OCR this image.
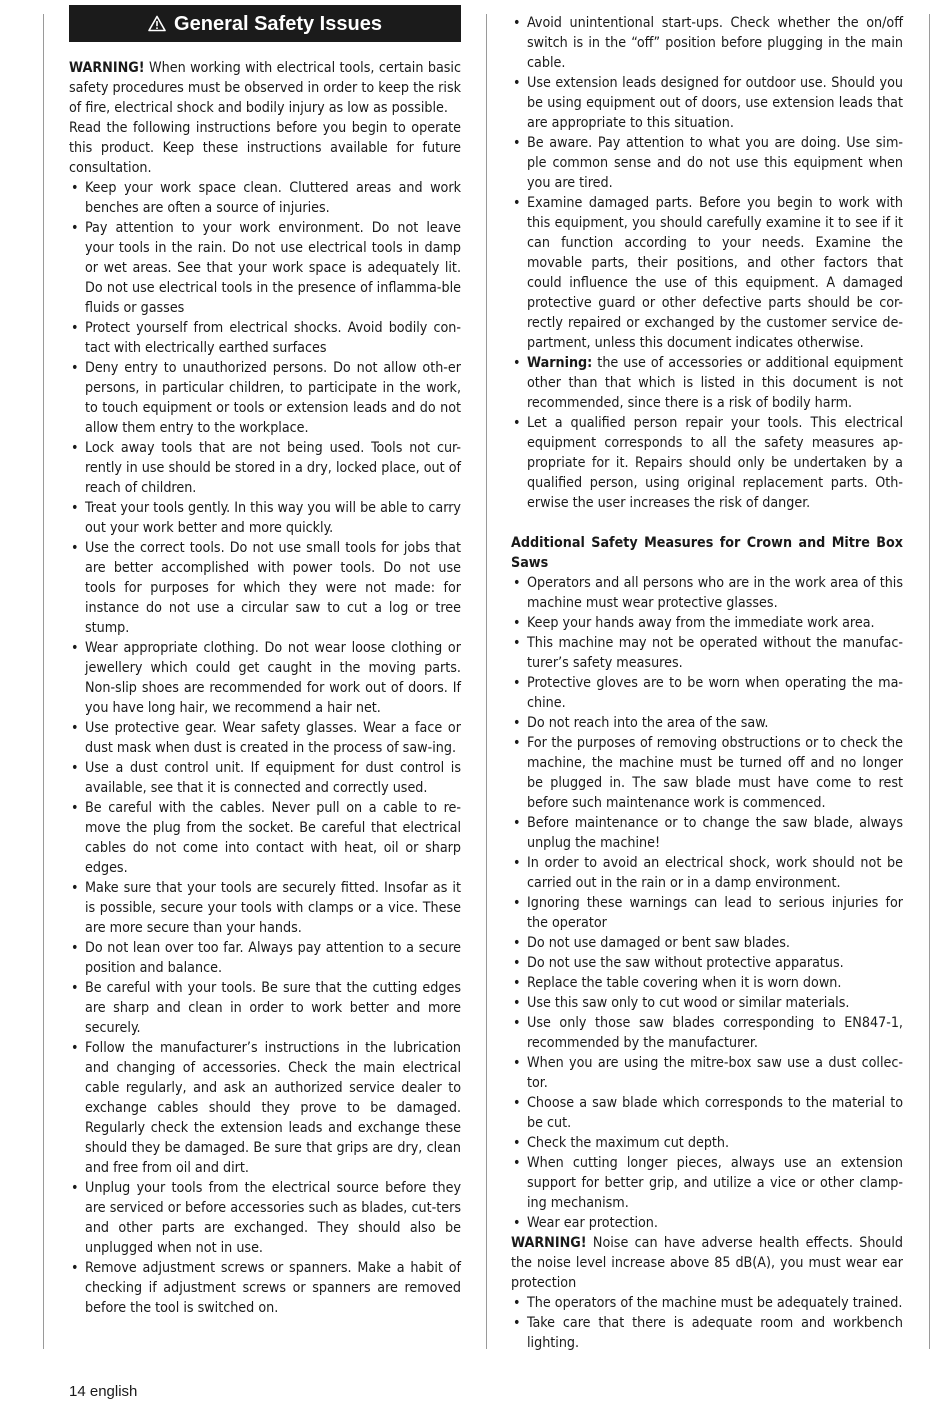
General Safety Issues

WARNING! When working with electrical tools, certain basic safety procedures must be observed in order to keep the risk of fire, electrical shock and bodily injury as low as possible.

Read the following instructions before you begin to operate this product. Keep these instructions available for future consultation.

• Keep your work space clean. Cluttered areas and work benches are often a source of injuries.
• Pay attention to your work environment. Do not leave your tools in the rain. Do not use electrical tools in damp or wet areas. See that your work space is adequately lit. Do not use electrical tools in the presence of inflamma-ble fluids or gasses
• Protect yourself from electrical shocks. Avoid bodily con-tact with electrically earthed surfaces
• Deny entry to unauthorized persons. Do not allow oth-er persons, in particular children, to participate in the work, to touch equipment or tools or extension leads and do not allow them entry to the workplace.
• Lock away tools that are not being used. Tools not cur-rently in use should be stored in a dry, locked place, out of reach of children.
• Treat your tools gently. In this way you will be able to carry out your work better and more quickly.
• Use the correct tools. Do not use small tools for jobs that are better accomplished with power tools. Do not use tools for purposes for which they were not made: for instance do not use a circular saw to cut a log or tree stump.
• Wear appropriate clothing. Do not wear loose clothing or jewellery which could get caught in the moving parts. Non-slip shoes are recommended for work out of doors. If you have long hair, we recommend a hair net.
• Use protective gear. Wear safety glasses. Wear a face or dust mask when dust is created in the process of saw-ing.
• Use a dust control unit. If equipment for dust control is available, see that it is connected and correctly used.
• Be careful with the cables. Never pull on a cable to re-move the plug from the socket. Be careful that electrical cables do not come into contact with heat, oil or sharp edges.
• Make sure that your tools are securely fitted. Insofar as it is possible, secure your tools with clamps or a vice. These are more secure than your hands.
• Do not lean over too far. Always pay attention to a secure position and balance.
• Be careful with your tools. Be sure that the cutting edges are sharp and clean in order to work better and more securely.
• Follow the manufacturer’s instructions in the lubrication and changing of accessories. Check the main electrical cable regularly, and ask an authorized service dealer to exchange cables should they prove to be damaged. Regularly check the extension leads and exchange these should they be damaged. Be sure that grips are dry, clean and free from oil and dirt.
• Unplug your tools from the electrical source before they are serviced or before accessories such as blades, cut-ters and other parts are exchanged. They should also be unplugged when not in use.
• Remove adjustment screws or spanners. Make a habit of checking if adjustment screws or spanners are removed before the tool is switched on.
• Avoid unintentional start-ups. Check whether the on/off switch is in the “off” position before plugging in the main cable.
• Use extension leads designed for outdoor use. Should you be using equipment out of doors, use extension leads that are appropriate to this situation.
• Be aware. Pay attention to what you are doing. Use sim-ple common sense and do not use this equipment when you are tired.
• Examine damaged parts. Before you begin to work with this equipment, you should carefully examine it to see if it can function according to your needs. Examine the movable parts, their positions, and other factors that could influence the use of this equipment. A damaged protective guard or other defective parts should be cor-rectly repaired or exchanged by the customer service de-partment, unless this document indicates otherwise.
• Warning: the use of accessories or additional equipment other than that which is listed in this document is not recommended, since there is a risk of bodily harm.
• Let a qualified person repair your tools. This electrical equipment corresponds to all the safety measures ap-propriate for it. Repairs should only be undertaken by a qualified person, using original replacement parts. Oth-erwise the user increases the risk of danger.

Additional Safety Measures for Crown and Mitre Box Saws

• Operators and all persons who are in the work area of this machine must wear protective glasses.
• Keep your hands away from the immediate work area.
• This machine may not be operated without the manufac-turer’s safety measures.
• Protective gloves are to be worn when operating the ma-chine.
• Do not reach into the area of the saw.
• For the purposes of removing obstructions or to check the machine, the machine must be turned off and no longer be plugged in. The saw blade must have come to rest before such maintenance work is commenced.
• Before maintenance or to change the saw blade, always unplug the machine!
• In order to avoid an electrical shock, work should not be carried out in the rain or in a damp environment.
• Ignoring these warnings can lead to serious injuries for the operator
• Do not use damaged or bent saw blades.
• Do not use the saw without protective apparatus.
• Replace the table covering when it is worn down.
• Use this saw only to cut wood or similar materials.
• Use only those saw blades corresponding to EN847-1, recommended by the manufacturer.
• When you are using the mitre-box saw use a dust collec-tor.
• Choose a saw blade which corresponds to the material to be cut.
• Check the maximum cut depth.
• When cutting longer pieces, always use an extension support for better grip, and utilize a vice or other clamp-ing mechanism.
• Wear ear protection.

WARNING! Noise can have adverse health effects. Should the noise level increase above 85 dB(A), you must wear ear protection

• The operators of the machine must be adequately trained.
• Take care that there is adequate room and workbench lighting.
14 english
